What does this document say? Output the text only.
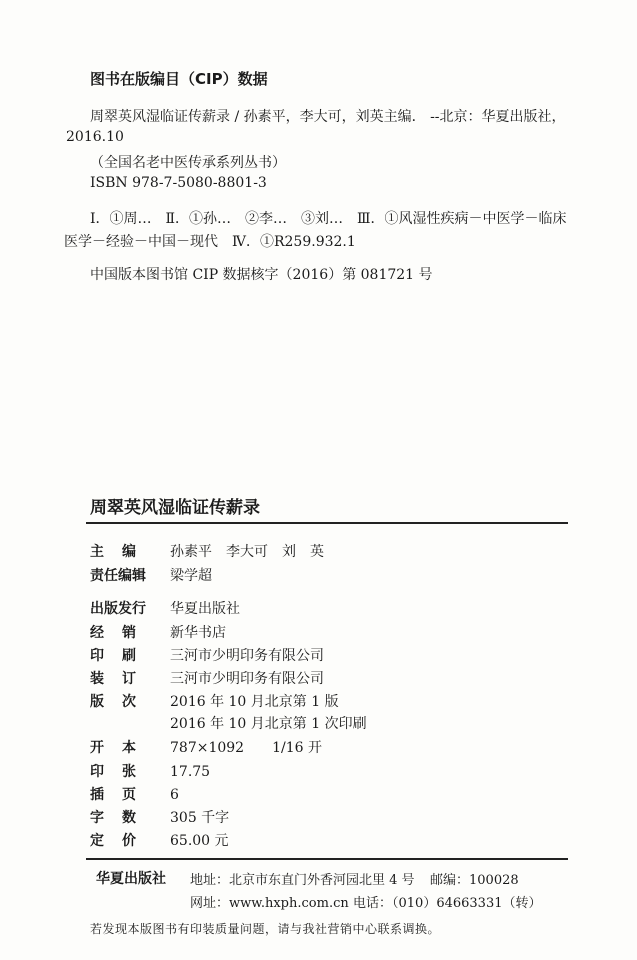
图书在版编目（CIP）数据
周翠英风湿临证传薪录 / 孙素平，李大可，刘英主编． --北京：华夏出版社，
2016.10
（全国名老中医传承系列丛书）
ISBN 978-7-5080-8801-3
Ⅰ．①周…　Ⅱ．①孙…　②李…　③刘…　Ⅲ．①风湿性疾病－中医学－临床
医学－经验－中国－现代　Ⅳ．①R259.932.1
中国版本图书馆 CIP 数据核字（2016）第 081721 号
周翠英风湿临证传薪录
主 编 孙素平　李大可　刘　英
责任编辑 梁学超
出版发行 华夏出版社
经 销 新华书店
印 刷 三河市少明印务有限公司
装 订 三河市少明印务有限公司
版 次 2016 年 10 月北京第 1 版
2016 年 10 月北京第 1 次印刷
开 本 787×1092　　1/16 开
印 张 17.75
插 页 6
字 数 305 千字
定 价 65.00 元
华夏出版社 地址：北京市东直门外香河园北里 4 号 邮编：100028
网址：www.hxph.com.cn 电话：（010）64663331（转）
若发现本版图书有印装质量问题，请与我社营销中心联系调换。
